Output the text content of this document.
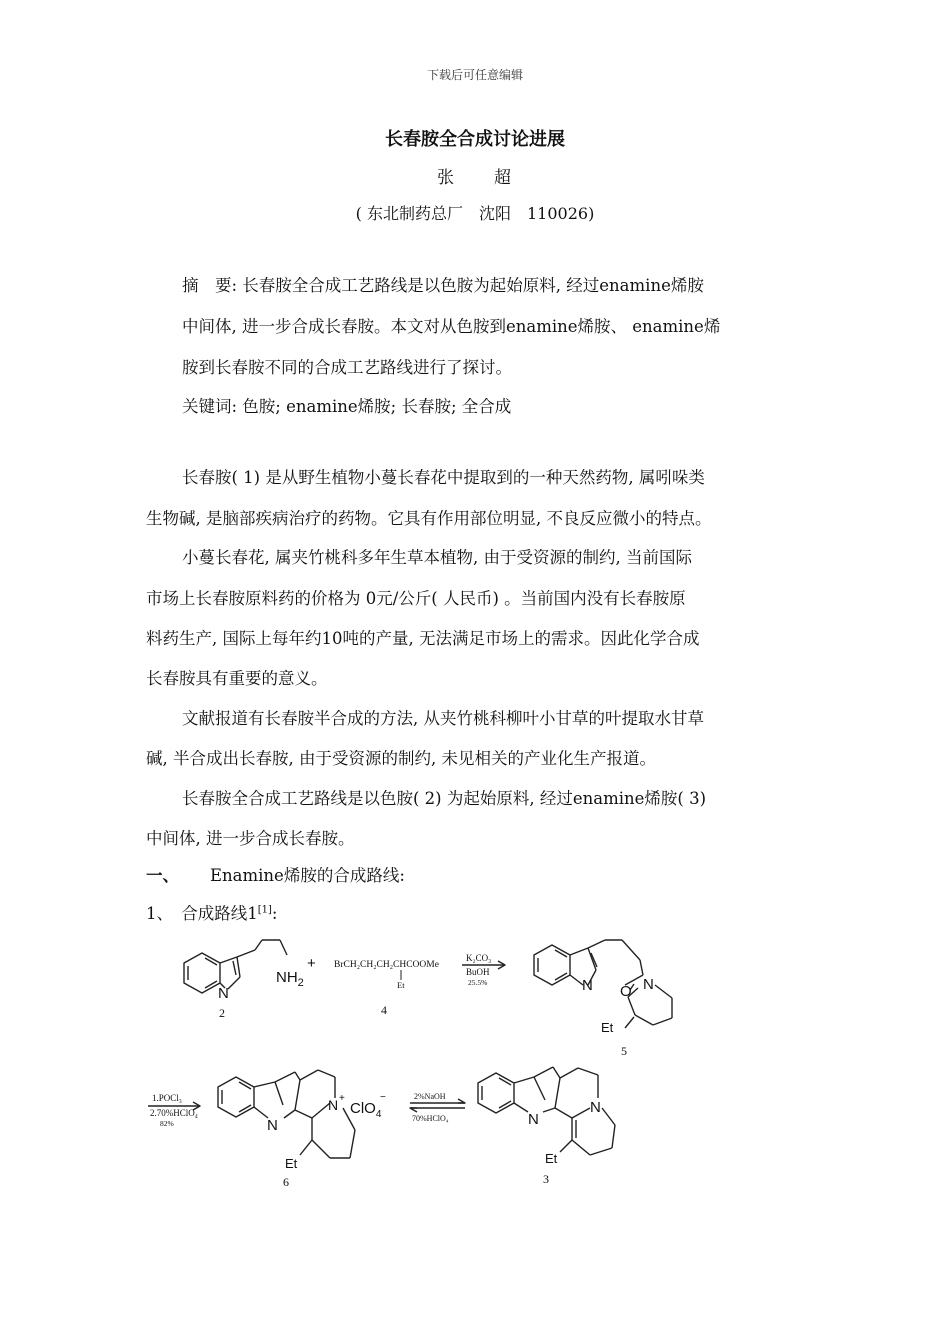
下载后可任意编辑
长春胺全合成讨论进展
张　　超
( 东北制药总厂　沈阳　110026)
摘　要: 长春胺全合成工艺路线是以色胺为起始原料, 经过enamine烯胺
中间体, 进一步合成长春胺。本文对从色胺到enamine烯胺、 enamine烯
胺到长春胺不同的合成工艺路线进行了探讨。
关键词: 色胺; enamine烯胺; 长春胺; 全合成
长春胺( 1) 是从野生植物小蔓长春花中提取到的一种天然药物, 属吲哚类
生物碱, 是脑部疾病治疗的药物。它具有作用部位明显, 不良反应微小的特点。
小蔓长春花, 属夹竹桃科多年生草本植物, 由于受资源的制约, 当前国际
市场上长春胺原料药的价格为 0元/公斤( 人民币) 。当前国内没有长春胺原
料药生产, 国际上每年约10吨的产量, 无法满足市场上的需求。因此化学合成
长春胺具有重要的意义。
文献报道有长春胺半合成的方法, 从夹竹桃科柳叶小甘草的叶提取水甘草
碱, 半合成出长春胺, 由于受资源的制约, 未见相关的产业化生产报道。
长春胺全合成工艺路线是以色胺( 2) 为起始原料, 经过enamine烯胺( 3)
中间体, 进一步合成长春胺。
一、 Enamine烯胺的合成路线:
1、　合成路线1[1]:
N
$NH_2$
+ BrCH₂CH₂CH₂CHCOOMe
Et
2	4
K₂CO₃
BuOH
25.5%	N O N
Et
5
1.POCl₃
2.70%HClO₄
82%	N
N +
ClO$_4$
−
Et
6
2%NaOH
70%HClO₄	N
N
Et
3
